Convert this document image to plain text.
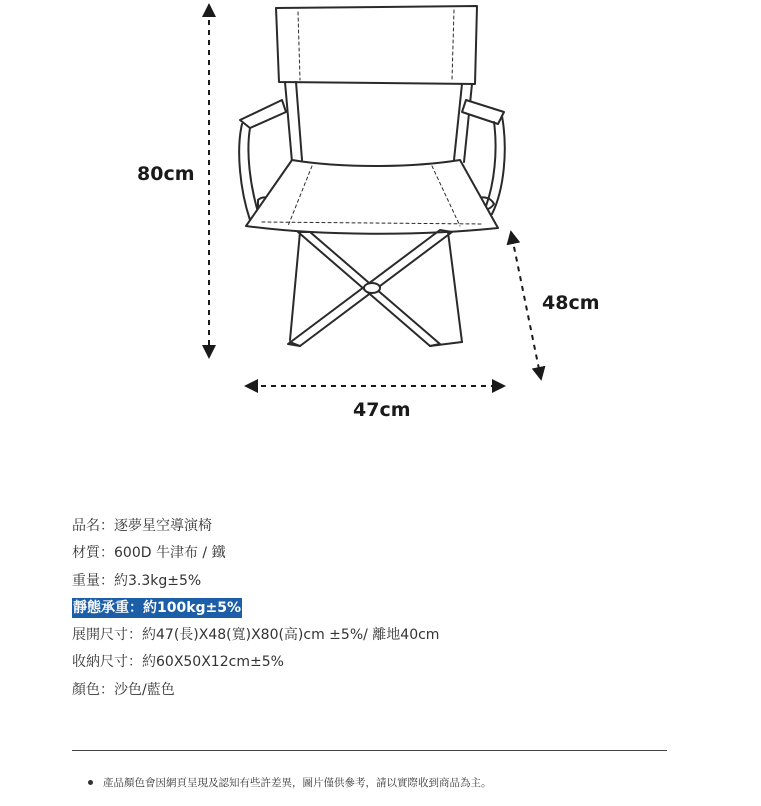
80cm
48cm
47cm
品名：逐夢星空導演椅
材質：600D 牛津布 / 鐵
重量：約3.3kg±5%
靜態承重：約100kg±5%
展開尺寸：約47(長)X48(寬)X80(高)cm ±5%/ 離地40cm
收納尺寸：約60X50X12cm±5%
顏色：沙色/藍色
產品顏色會因網頁呈現及認知有些許差異，圖片僅供參考，請以實際收到商品為主。
